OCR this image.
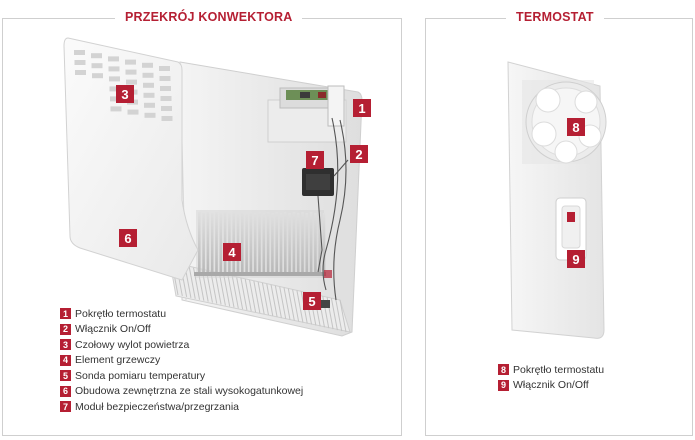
PRZEKRÓJ KONWEKTORA	TERMOSTAT
3
6
4
7
1
2
5
8
9
1 Pokrętło termostatu
2 Włącznik On/Off
3 Czołowy wylot powietrza
4 Element grzewczy
5 Sonda pomiaru temperatury
6 Obudowa zewnętrzna ze stali wysokogatunkowej
7 Moduł bezpieczeństwa/przegrzania
8 Pokrętło termostatu
9 Włącznik On/Off
